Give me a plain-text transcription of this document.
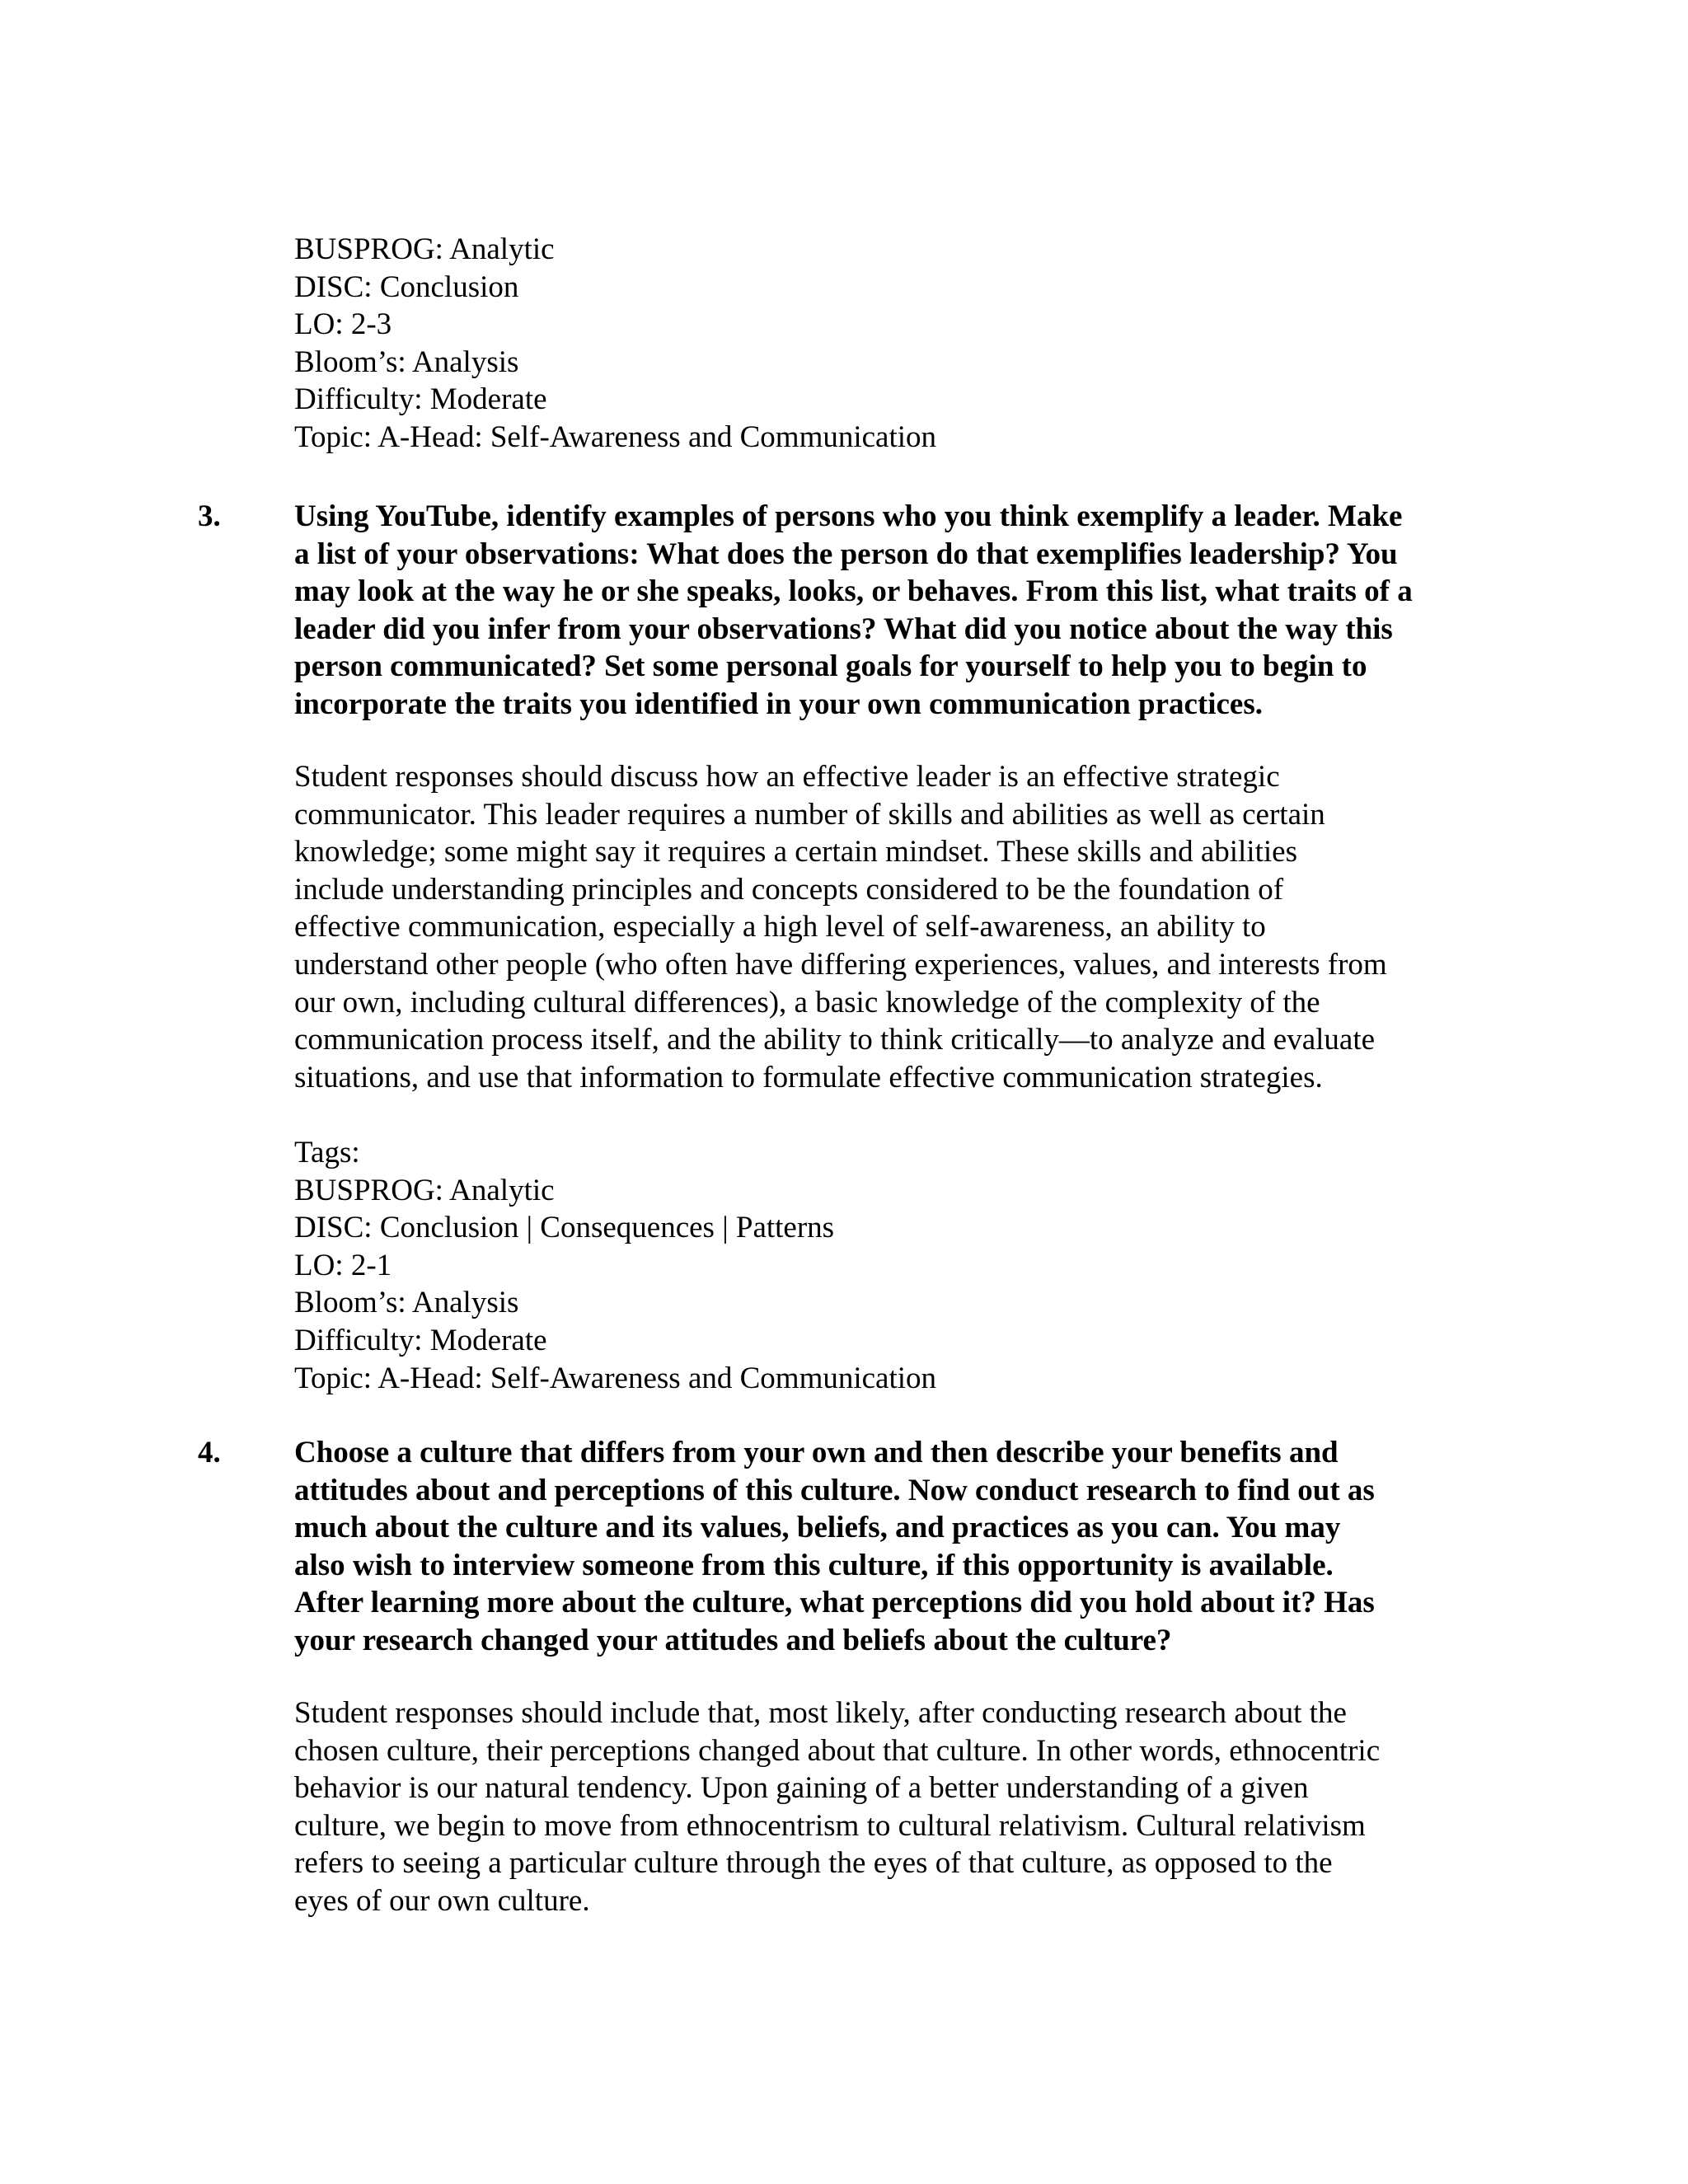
BUSPROG: Analytic
DISC: Conclusion
LO: 2-3
Bloom’s: Analysis
Difficulty: Moderate
Topic: A-Head: Self-Awareness and Communication
3. Using YouTube, identify examples of persons who you think exemplify a leader. Make
a list of your observations: What does the person do that exemplifies leadership? You
may look at the way he or she speaks, looks, or behaves. From this list, what traits of a
leader did you infer from your observations? What did you notice about the way this
person communicated? Set some personal goals for yourself to help you to begin to
incorporate the traits you identified in your own communication practices.
Student responses should discuss how an effective leader is an effective strategic
communicator. This leader requires a number of skills and abilities as well as certain
knowledge; some might say it requires a certain mindset. These skills and abilities
include understanding principles and concepts considered to be the foundation of
effective communication, especially a high level of self-awareness, an ability to
understand other people (who often have differing experiences, values, and interests from
our own, including cultural differences), a basic knowledge of the complexity of the
communication process itself, and the ability to think critically—to analyze and evaluate
situations, and use that information to formulate effective communication strategies.
Tags:
BUSPROG: Analytic
DISC: Conclusion | Consequences | Patterns
LO: 2-1
Bloom’s: Analysis
Difficulty: Moderate
Topic: A-Head: Self-Awareness and Communication
4. Choose a culture that differs from your own and then describe your benefits and
attitudes about and perceptions of this culture. Now conduct research to find out as
much about the culture and its values, beliefs, and practices as you can. You may
also wish to interview someone from this culture, if this opportunity is available.
After learning more about the culture, what perceptions did you hold about it? Has
your research changed your attitudes and beliefs about the culture?
Student responses should include that, most likely, after conducting research about the
chosen culture, their perceptions changed about that culture. In other words, ethnocentric
behavior is our natural tendency. Upon gaining of a better understanding of a given
culture, we begin to move from ethnocentrism to cultural relativism. Cultural relativism
refers to seeing a particular culture through the eyes of that culture, as opposed to the
eyes of our own culture.
